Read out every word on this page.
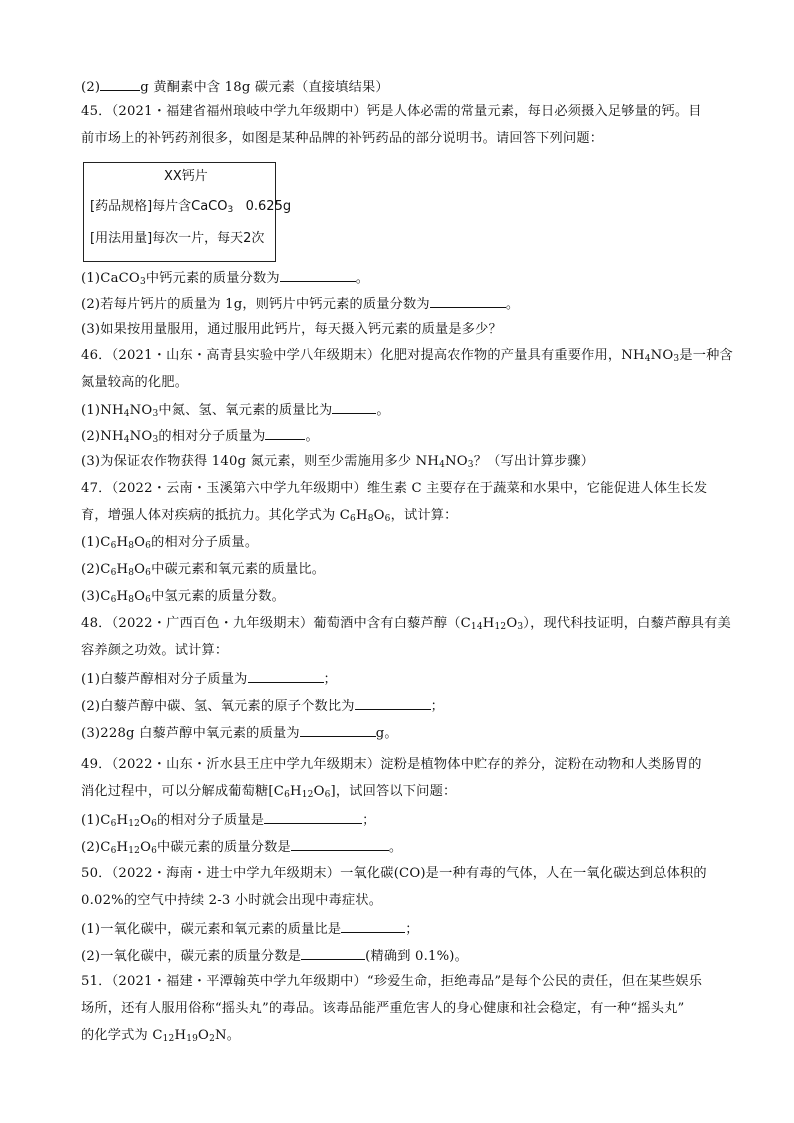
(2)	g 黄酮素中含 18g 碳元素（直接填结果）
45．（2021・福建省福州琅岐中学九年级期中）钙是人体必需的常量元素，每日必须摄入足够量的钙。目
前市场上的补钙药剂很多，如图是某种品牌的补钙药品的部分说明书。请回答下列问题：
XX钙片
[药品规格]每片含CaCO$_3$   0.625g
[用法用量]每次一片，每天2次
(1)CaCO$_3$中钙元素的质量分数为	。
(2)若每片钙片的质量为 1g，则钙片中钙元素的质量分数为	。
(3)如果按用量服用，通过服用此钙片，每天摄入钙元素的质量是多少？
46．（2021・山东・高青县实验中学八年级期末）化肥对提高农作物的产量具有重要作用，$NH_4NO_3$是一种含
氮量较高的化肥。
$(1)NH_4NO_3$中氮、氢、氧元素的质量比为	。
$(2)NH_4NO_3$的相对分子质量为	。
(3)为保证农作物获得 140g 氮元素，则至少需施用多少 $NH_4NO_3$？（写出计算步骤）
47．（2022・云南・玉溪第六中学九年级期中）维生素 C 主要存在于蔬菜和水果中，它能促进人体生长发
育，增强人体对疾病的抵抗力。其化学式为 $C_6H_8O_6$，试计算：
$(1)C_6H_8O_6$的相对分子质量。
$(2)C_6H_8O_6$中碳元素和氧元素的质量比。
$(3)C_6H_8O_6$中氢元素的质量分数。
48．（2022・广西百色・九年级期末）葡萄酒中含有白藜芦醇$(C_{14}H_{12}O_3)$，现代科技证明，白藜芦醇具有美
容养颜之功效。试计算：
(1)白藜芦醇相对分子质量为	；
(2)白藜芦醇中碳、氢、氧元素的原子个数比为	；
(3)228g 白藜芦醇中氧元素的质量为	g。
49．（2022・山东・沂水县王庄中学九年级期末）淀粉是植物体中贮存的养分，淀粉在动物和人类肠胃的
消化过程中，可以分解成葡萄糖$[C_6H_{12}O_6]$，试回答以下问题：
$(1)C_6H_{12}O_6$的相对分子质量是	；
$(2)C_6H_{12}O_6$中碳元素的质量分数是	。
50．（2022・海南・进士中学九年级期末）一氧化碳(CO)是一种有毒的气体，人在一氧化碳达到总体积的
0.02%的空气中持续 2-3 小时就会出现中毒症状。
(1)一氧化碳中，碳元素和氧元素的质量比是	；
(2)一氧化碳中，碳元素的质量分数是	(精确到 0.1%)。
51．（2021・福建・平潭翰英中学九年级期中）“珍爱生命，拒绝毒品”是每个公民的责任，但在某些娱乐
场所，还有人服用俗称“摇头丸”的毒品。该毒品能严重危害人的身心健康和社会稳定，有一种“摇头丸”
的化学式为 $C_{12}H_{19}O_2N$。
